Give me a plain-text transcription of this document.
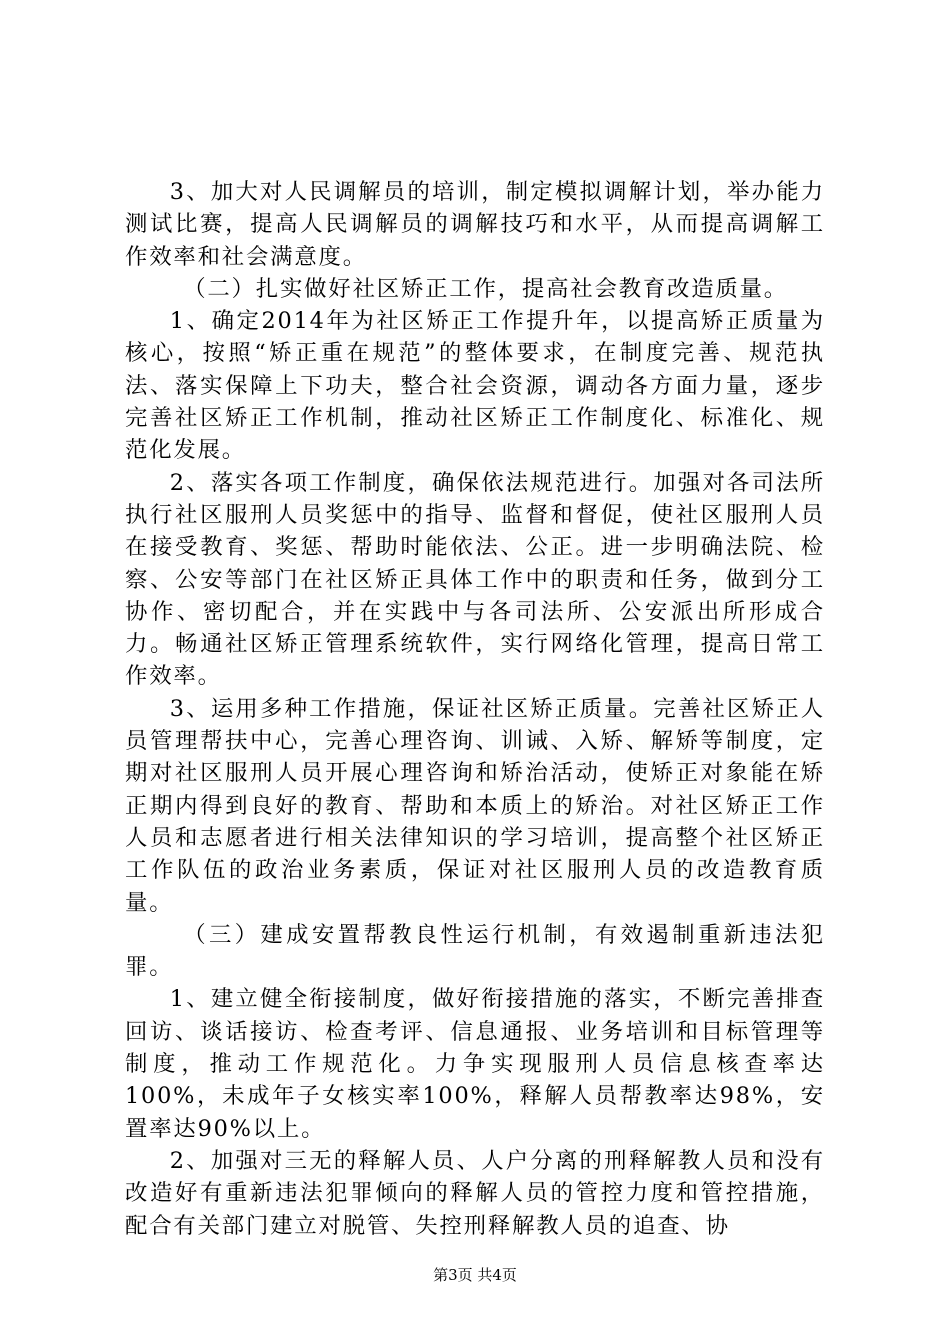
3、加大对人民调解员的培训，制定模拟调解计划，举办能力测试比赛，提高人民调解员的调解技巧和水平，从而提高调解工作效率和社会满意度。

（二）扎实做好社区矫正工作，提高社会教育改造质量。

1、确定2014年为社区矫正工作提升年，以提高矫正质量为核心，按照“矫正重在规范”的整体要求，在制度完善、规范执法、落实保障上下功夫，整合社会资源，调动各方面力量，逐步完善社区矫正工作机制，推动社区矫正工作制度化、标准化、规范化发展。

2、落实各项工作制度，确保依法规范进行。加强对各司法所执行社区服刑人员奖惩中的指导、监督和督促，使社区服刑人员在接受教育、奖惩、帮助时能依法、公正。进一步明确法院、检察、公安等部门在社区矫正具体工作中的职责和任务，做到分工协作、密切配合，并在实践中与各司法所、公安派出所形成合力。畅通社区矫正管理系统软件，实行网络化管理，提高日常工作效率。

3、运用多种工作措施，保证社区矫正质量。完善社区矫正人员管理帮扶中心，完善心理咨询、训诫、入矫、解矫等制度，定期对社区服刑人员开展心理咨询和矫治活动，使矫正对象能在矫正期内得到良好的教育、帮助和本质上的矫治。对社区矫正工作人员和志愿者进行相关法律知识的学习培训，提高整个社区矫正工作队伍的政治业务素质，保证对社区服刑人员的改造教育质量。

（三）建成安置帮教良性运行机制，有效遏制重新违法犯罪。

1、建立健全衔接制度，做好衔接措施的落实，不断完善排查回访、谈话接访、检查考评、信息通报、业务培训和目标管理等制度，推动工作规范化。力争实现服刑人员信息核查率达100%，未成年子女核实率100%，释解人员帮教率达98%，安置率达90%以上。

2、加强对三无的释解人员、人户分离的刑释解教人员和没有改造好有重新违法犯罪倾向的释解人员的管控力度和管控措施，配合有关部门建立对脱管、失控刑释解教人员的追查、协

第3页 共4页
